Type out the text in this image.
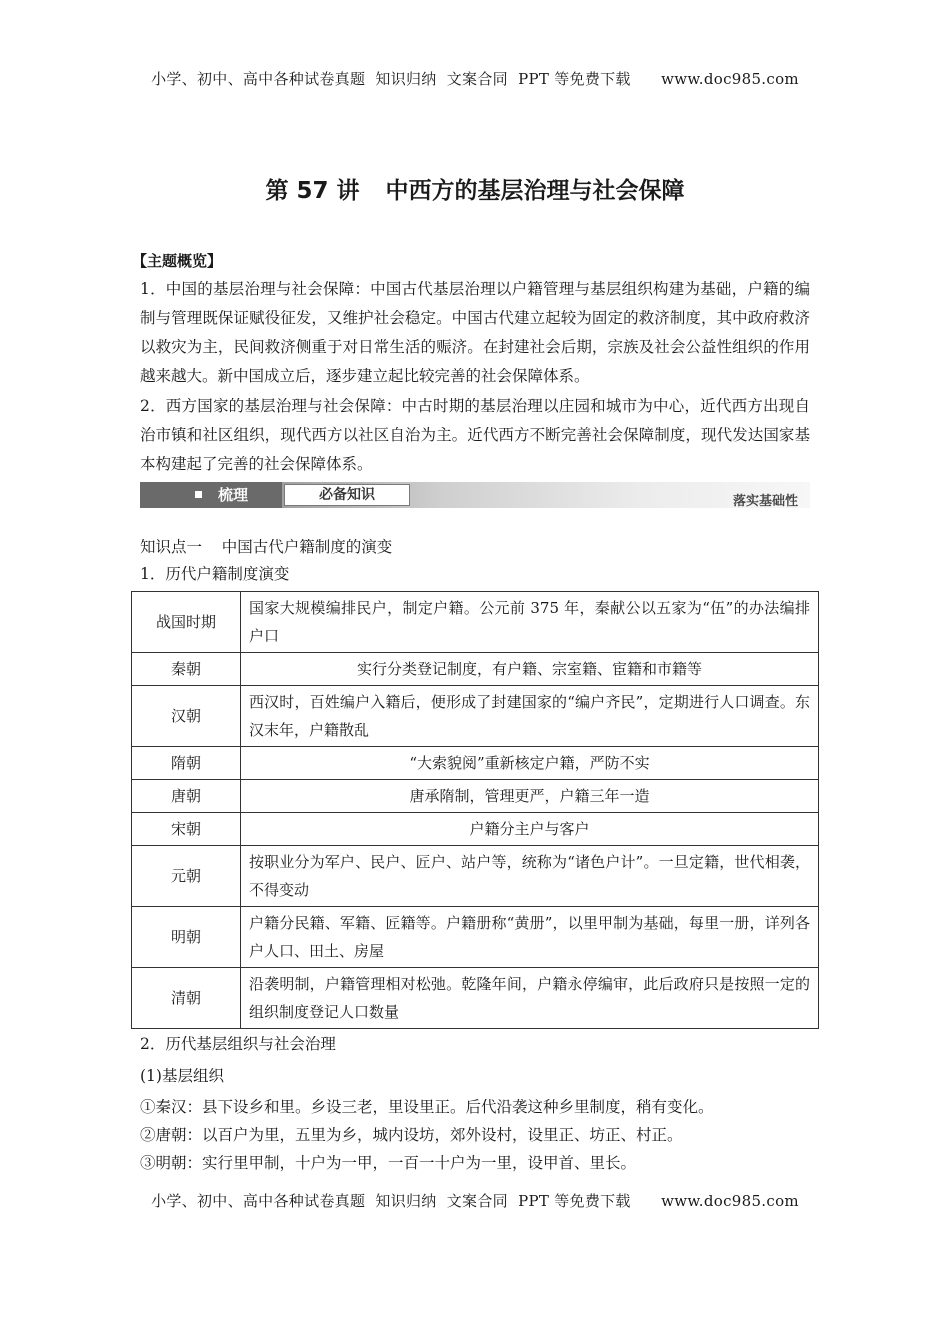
小学、初中、高中各种试卷真题  知识归纳  文案合同  PPT 等免费下载      www.doc985.com
第 57 讲 中西方的基层治理与社会保障
【主题概览】

1．中国的基层治理与社会保障：中国古代基层治理以户籍管理与基层组织构建为基础，户籍的编制与管理既保证赋役征发，又维护社会稳定。中国古代建立起较为固定的救济制度，其中政府救济以救灾为主，民间救济侧重于对日常生活的赈济。在封建社会后期，宗族及社会公益性组织的作用越来越大。新中国成立后，逐步建立起比较完善的社会保障体系。

2．西方国家的基层治理与社会保障：中古时期的基层治理以庄园和城市为中心，近代西方出现自治市镇和社区组织，现代西方以社区自治为主。近代西方不断完善社会保障制度，现代发达国家基本构建起了完善的社会保障体系。

梳理	必备知识	落实基础性
知识点一    中国古代户籍制度的演变
1．历代户籍制度演变
战国时期	国家大规模编排民户，制定户籍。公元前 375 年，秦献公以五家为“伍”的办法编排户口
秦朝	实行分类登记制度，有户籍、宗室籍、宦籍和市籍等
汉朝	西汉时，百姓编户入籍后，便形成了封建国家的“编户齐民”，定期进行人口调查。东汉末年，户籍散乱
隋朝	“大索貌阅”重新核定户籍，严防不实
唐朝	唐承隋制，管理更严，户籍三年一造
宋朝	户籍分主户与客户
元朝	按职业分为军户、民户、匠户、站户等，统称为“诸色户计”。一旦定籍，世代相袭，不得变动
明朝	户籍分民籍、军籍、匠籍等。户籍册称“黄册”，以里甲制为基础，每里一册，详列各户人口、田土、房屋
清朝	沿袭明制，户籍管理相对松弛。乾隆年间，户籍永停编审，此后政府只是按照一定的组织制度登记人口数量
2．历代基层组织与社会治理
(1)基层组织
①秦汉：县下设乡和里。乡设三老，里设里正。后代沿袭这种乡里制度，稍有变化。
②唐朝：以百户为里，五里为乡，城内设坊，郊外设村，设里正、坊正、村正。
③明朝：实行里甲制，十户为一甲，一百一十户为一里，设甲首、里长。
小学、初中、高中各种试卷真题  知识归纳  文案合同  PPT 等免费下载      www.doc985.com
